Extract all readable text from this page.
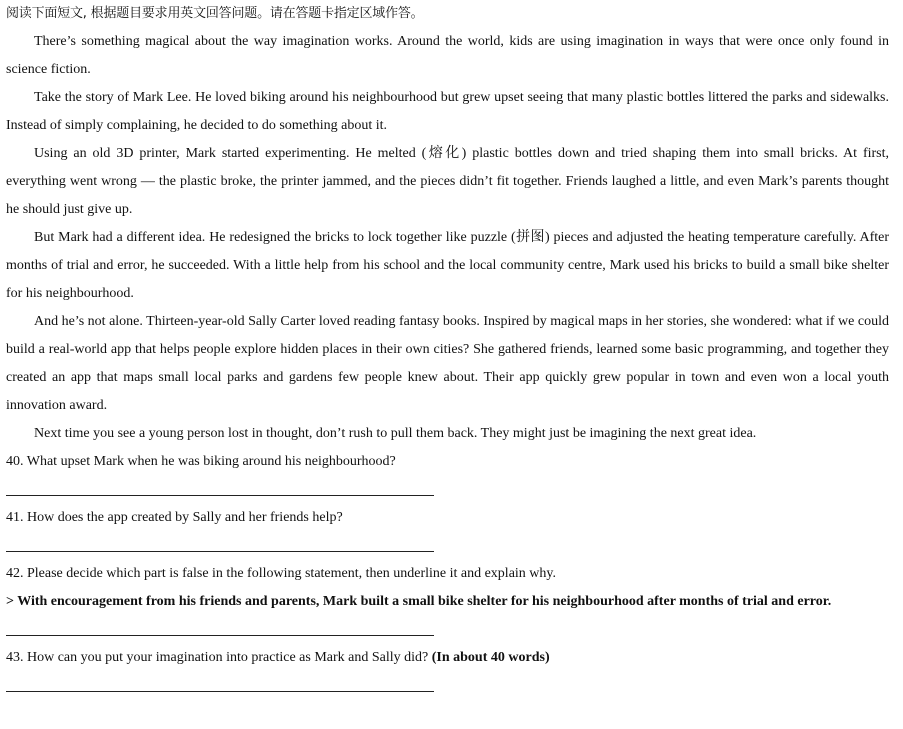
阅读下面短文, 根据题目要求用英文回答问题。请在答题卡指定区域作答。

There’s something magical about the way imagination works. Around the world, kids are using imagination in ways that were once only found in science fiction.

Take the story of Mark Lee. He loved biking around his neighbourhood but grew upset seeing that many plastic bottles littered the parks and sidewalks. Instead of simply complaining, he decided to do something about it.

Using an old 3D printer, Mark started experimenting. He melted (熔化) plastic bottles down and tried shaping them into small bricks. At first, everything went wrong — the plastic broke, the printer jammed, and the pieces didn’t fit together. Friends laughed a little, and even Mark’s parents thought he should just give up.

But Mark had a different idea. He redesigned the bricks to lock together like puzzle (拼图) pieces and adjusted the heating temperature carefully. After months of trial and error, he succeeded. With a little help from his school and the local community centre, Mark used his bricks to build a small bike shelter for his neighbourhood.

And he’s not alone. Thirteen-year-old Sally Carter loved reading fantasy books. Inspired by magical maps in her stories, she wondered: what if we could build a real-world app that helps people explore hidden places in their own cities? She gathered friends, learned some basic programming, and together they created an app that maps small local parks and gardens few people knew about. Their app quickly grew popular in town and even won a local youth innovation award.

Next time you see a young person lost in thought, don’t rush to pull them back. They might just be imagining the next great idea.

40. What upset Mark when he was biking around his neighbourhood?
41. How does the app created by Sally and her friends help?
42. Please decide which part is false in the following statement, then underline it and explain why.
> With encouragement from his friends and parents, Mark built a small bike shelter for his neighbourhood after months of trial and error.
43. How can you put your imagination into practice as Mark and Sally did? (In about 40 words)
